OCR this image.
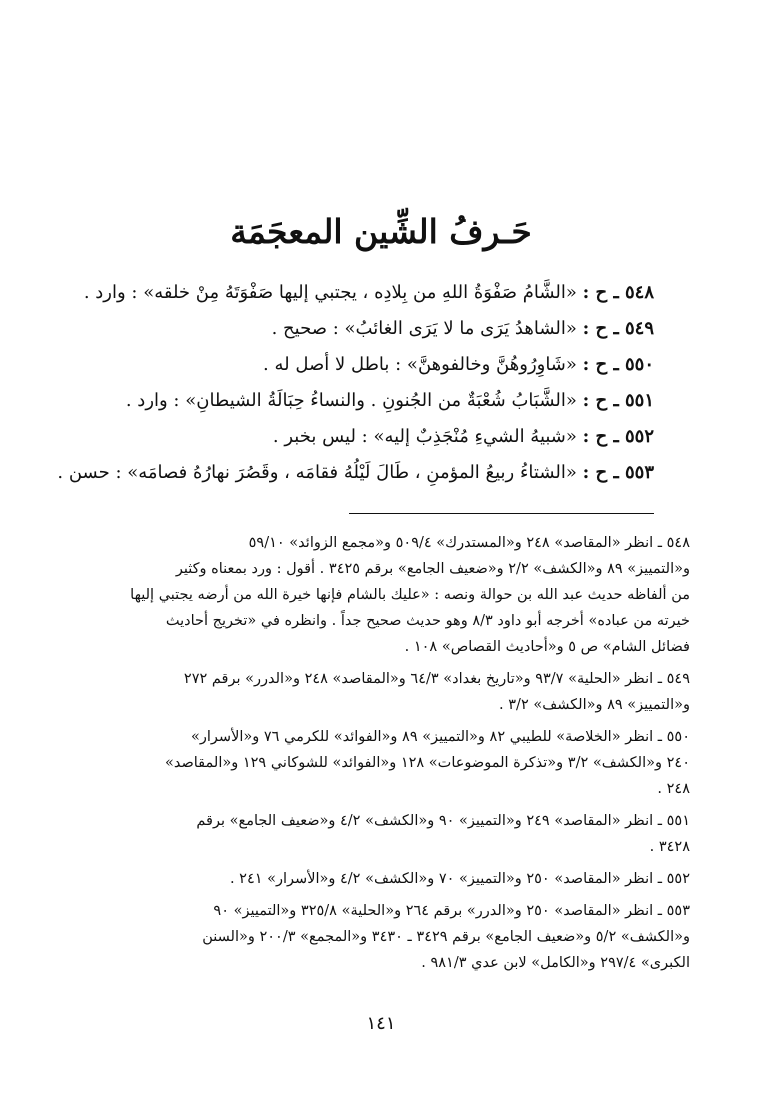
حَـرفُ الشِّين المعجَمَة
٥٤٨ ـ ح : «الشَّامُ صَفْوَةُ اللهِ من بِلادِه ، يجتبي إليها صَفْوَتَهُ مِنْ خلقه» : وارد .
٥٤٩ ـ ح : «الشاهدُ يَرَى ما لا يَرَى الغائبُ» : صحيح .
٥٥٠ ـ ح : «شَاوِرُوهُنَّ وخالفوهنَّ» : باطل لا أصل له .
٥٥١ ـ ح : «الشَّبَابُ شُعْبَةٌ من الجُنونِ . والنساءُ حِبَالَةُ الشيطانِ» : وارد .
٥٥٢ ـ ح : «شبيهُ الشيءِ مُنْجَذِبٌ إليه» : ليس بخبر .
٥٥٣ ـ ح : «الشتاءُ ربيعُ المؤمنِ ، طَالَ لَيْلُهُ فقامَه ، وقَصُرَ نهارُهُ فصامَه» : حسن .

٥٤٨ ـ انظر «المقاصد» ٢٤٨ و«المستدرك» ٥٠٩/٤ و«مجمع الزوائد» ٥٩/١٠

و«التمييز» ٨٩ و«الكشف» ٢/٢ و«ضعيف الجامع» برقم ٣٤٢٥ . أقول : ورد بمعناه وكثير

من ألفاظه حديث عبد الله بن حوالة ونصه : «عليك بالشام فإنها خيرة الله من أرضه يجتبي إليها

خيرته من عباده» أخرجه أبو داود ٨/٣ وهو حديث صحيح جداً . وانظره في «تخريج أحاديث

فضائل الشام» ص ٥ و«أحاديث القصاص» ١٠٨ .

٥٤٩ ـ انظر «الحلية» ٩٣/٧ و«تاريخ بغداد» ٦٤/٣ و«المقاصد» ٢٤٨ و«الدرر» برقم ٢٧٢

و«التمييز» ٨٩ و«الكشف» ٣/٢ .

٥٥٠ ـ انظر «الخلاصة» للطيبي ٨٢ و«التمييز» ٨٩ و«الفوائد» للكرمي ٧٦ و«الأسرار»

٢٤٠ و«الكشف» ٣/٢ و«تذكرة الموضوعات» ١٢٨ و«الفوائد» للشوكاني ١٢٩ و«المقاصد»

٢٤٨ .

٥٥١ ـ انظر «المقاصد» ٢٤٩ و«التمييز» ٩٠ و«الكشف» ٤/٢ و«ضعيف الجامع» برقم

٣٤٢٨ .

٥٥٢ ـ انظر «المقاصد» ٢٥٠ و«التمييز» ٧٠ و«الكشف» ٤/٢ و«الأسرار» ٢٤١ .

٥٥٣ ـ انظر «المقاصد» ٢٥٠ و«الدرر» برقم ٢٦٤ و«الحلية» ٣٢٥/٨ و«التمييز» ٩٠

و«الكشف» ٥/٢ و«ضعيف الجامع» برقم ٣٤٢٩ ـ ٣٤٣٠ و«المجمع» ٢٠٠/٣ و«السنن

الكبرى» ٢٩٧/٤ و«الكامل» لابن عدي ٩٨١/٣ .

١٤١
